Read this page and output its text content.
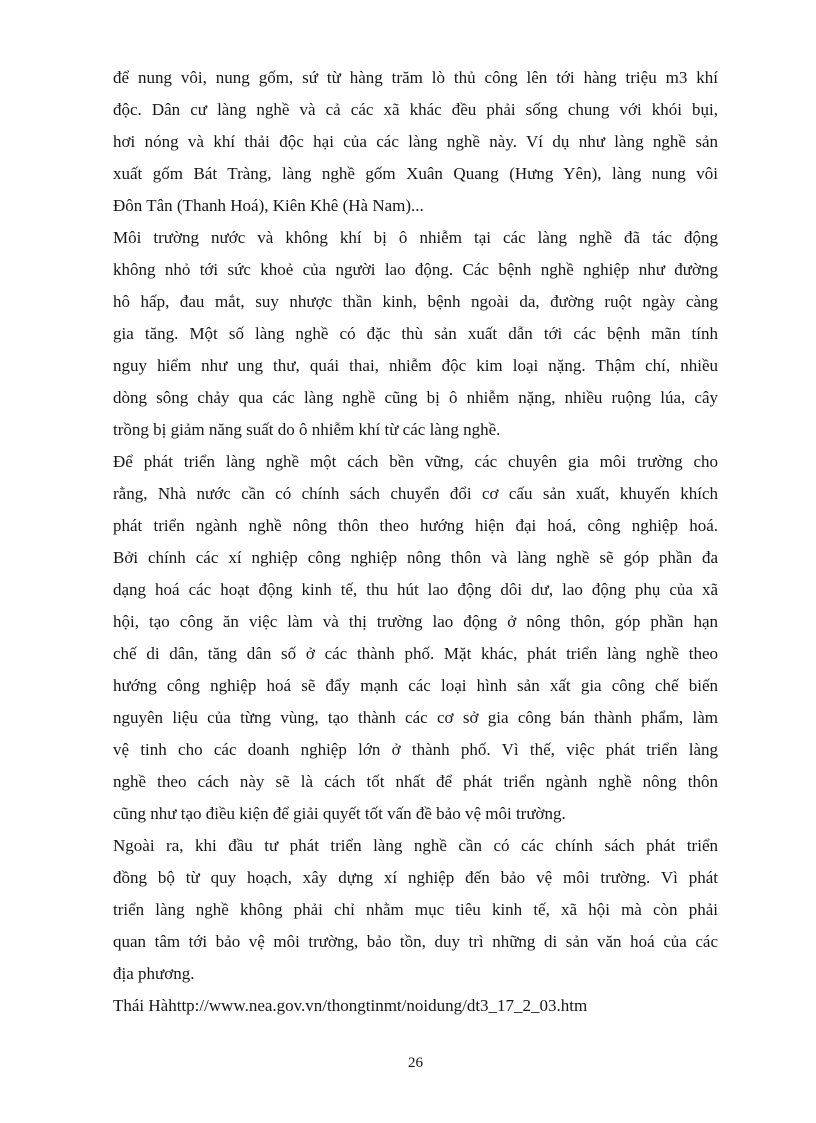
để nung vôi, nung gốm, sứ từ hàng trăm lò thủ công lên tới hàng triệu m3 khí
độc. Dân cư làng nghề và cả các xã khác đều phải sống chung với khói bụi,
hơi nóng và khí thải độc hại của các làng nghề này. Ví dụ như làng nghề sản
xuất gốm Bát Tràng, làng nghề gốm Xuân Quang (Hưng Yên), làng nung vôi
Đôn Tân (Thanh Hoá), Kiên Khê (Hà Nam)...
Môi trường nước và không khí bị ô nhiễm tại các làng nghề đã tác động
không nhỏ tới sức khoẻ của người lao động. Các bệnh nghề nghiệp như đường
hô hấp, đau mắt, suy nhược thần kinh, bệnh ngoài da, đường ruột ngày càng
gia tăng. Một số làng nghề có đặc thù sản xuất dẫn tới các bệnh mãn tính
nguy hiểm như ung thư, quái thai, nhiễm độc kim loại nặng. Thậm chí, nhiều
dòng sông chảy qua các làng nghề cũng bị ô nhiễm nặng, nhiều ruộng lúa, cây
trồng bị giảm năng suất do ô nhiễm khí từ các làng nghề.
Để phát triển làng nghề một cách bền vững, các chuyên gia môi trường cho
rằng, Nhà nước cần có chính sách chuyển đổi cơ cấu sản xuất, khuyến khích
phát triển ngành nghề nông thôn theo hướng hiện đại hoá, công nghiệp hoá.
Bởi chính các xí nghiệp công nghiệp nông thôn và làng nghề sẽ góp phần đa
dạng hoá các hoạt động kinh tế, thu hút lao động dôi dư, lao động phụ của xã
hội, tạo công ăn việc làm và thị trường lao động ở nông thôn, góp phần hạn
chế di dân, tăng dân số ở các thành phố. Mặt khác, phát triển làng nghề theo
hướng công nghiệp hoá sẽ đẩy mạnh các loại hình sản xất gia công chế biến
nguyên liệu của từng vùng, tạo thành các cơ sở gia công bán thành phẩm, làm
vệ tinh cho các doanh nghiệp lớn ở thành phố. Vì thế, việc phát triển làng
nghề theo cách này sẽ là cách tốt nhất để phát triển ngành nghề nông thôn
cũng như tạo điều kiện để giải quyết tốt vấn đề bảo vệ môi trường.
Ngoài ra, khi đầu tư phát triển làng nghề cần có các chính sách phát triển
đồng bộ từ quy hoạch, xây dựng xí nghiệp đến bảo vệ môi trường. Vì phát
triển làng nghề không phải chỉ nhằm mục tiêu kinh tế, xã hội mà còn phải
quan tâm tới bảo vệ môi trường, bảo tồn, duy trì những di sản văn hoá của các
địa phương.
Thái Hàhttp://www.nea.gov.vn/thongtinmt/noidung/dt3_17_2_03.htm
26
